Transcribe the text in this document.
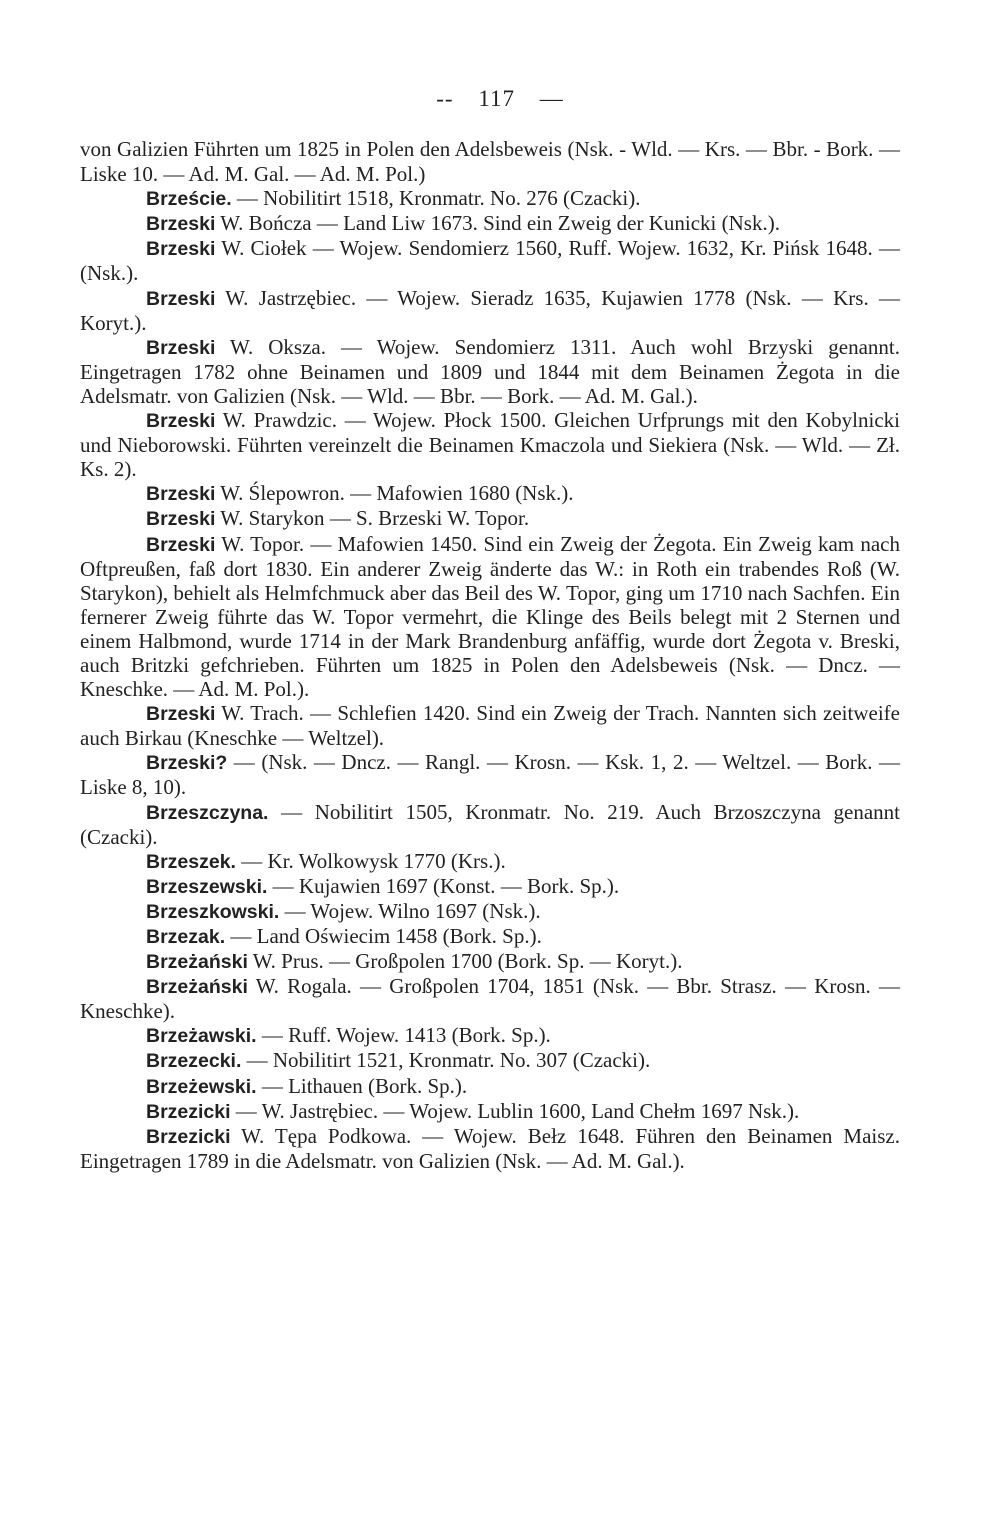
-- 117 —

von Galizien Führten um 1825 in Polen den Adelsbeweis (Nsk. - Wld. — Krs. — Bbr. - Bork. — Liske 10. — Ad. M. Gal. — Ad. M. Pol.)

Brzeście. — Nobilitirt 1518, Kronmatr. No. 276 (Czacki).

Brzeski W. Bończa — Land Liw 1673. Sind ein Zweig der Kunicki (Nsk.).

Brzeski W. Ciołek — Wojew. Sendomierz 1560, Ruff. Wojew. 1632, Kr. Pińsk 1648. — (Nsk.).

Brzeski W. Jastrzębiec. — Wojew. Sieradz 1635, Kujawien 1778 (Nsk. — Krs. — Koryt.).

Brzeski W. Oksza. — Wojew. Sendomierz 1311. Auch wohl Brzyski genannt. Eingetragen 1782 ohne Beinamen und 1809 und 1844 mit dem Beinamen Żegota in die Adelsmatr. von Galizien (Nsk. — Wld. — Bbr. — Bork. — Ad. M. Gal.).

Brzeski W. Prawdzic. — Wojew. Płock 1500. Gleichen Urfprungs mit den Kobylnicki und Nieborowski. Führten vereinzelt die Beinamen Kmaczola und Siekiera (Nsk. — Wld. — Zł. Ks. 2).

Brzeski W. Ślepowron. — Mafowien 1680 (Nsk.).

Brzeski W. Starykon — S. Brzeski W. Topor.

Brzeski W. Topor. — Mafowien 1450. Sind ein Zweig der Żegota. Ein Zweig kam nach Oftpreußen, faß dort 1830. Ein anderer Zweig änderte das W.: in Roth ein trabendes Roß (W. Starykon), behielt als Helmfchmuck aber das Beil des W. Topor, ging um 1710 nach Sachfen. Ein fernerer Zweig führte das W. Topor vermehrt, die Klinge des Beils belegt mit 2 Sternen und einem Halbmond, wurde 1714 in der Mark Brandenburg anfäffig, wurde dort Żegota v. Breski, auch Britzki gefchrieben. Führten um 1825 in Polen den Adelsbeweis (Nsk. — Dncz. — Kneschke. — Ad. M. Pol.).

Brzeski W. Trach. — Schlefien 1420. Sind ein Zweig der Trach. Nannten sich zeitweife auch Birkau (Kneschke — Weltzel).

Brzeski? — (Nsk. — Dncz. — Rangl. — Krosn. — Ksk. 1, 2. — Weltzel. — Bork. — Liske 8, 10).

Brzeszczyna. — Nobilitirt 1505, Kronmatr. No. 219. Auch Brzoszczyna genannt (Czacki).

Brzeszek. — Kr. Wolkowysk 1770 (Krs.).

Brzeszewski. — Kujawien 1697 (Konst. — Bork. Sp.).

Brzeszkowski. — Wojew. Wilno 1697 (Nsk.).

Brzezak. — Land Oświecim 1458 (Bork. Sp.).

Brzeżański W. Prus. — Großpolen 1700 (Bork. Sp. — Koryt.).

Brzeżański W. Rogala. — Großpolen 1704, 1851 (Nsk. — Bbr. Strasz. — Krosn. — Kneschke).

Brzeżawski. — Ruff. Wojew. 1413 (Bork. Sp.).

Brzezecki. — Nobilitirt 1521, Kronmatr. No. 307 (Czacki).

Brzeżewski. — Lithauen (Bork. Sp.).

Brzezicki — W. Jastrębiec. — Wojew. Lublin 1600, Land Chełm 1697 Nsk.).

Brzezicki W. Tępa Podkowa. — Wojew. Bełz 1648. Führen den Beinamen Maisz. Eingetragen 1789 in die Adelsmatr. von Galizien (Nsk. — Ad. M. Gal.).
